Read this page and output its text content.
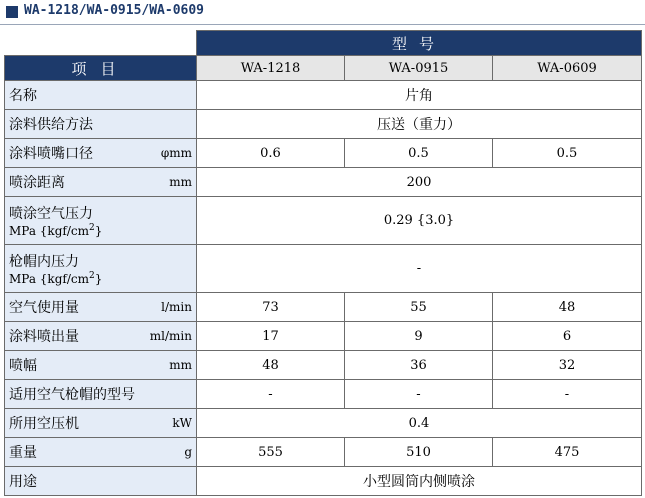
WA-1218/WA-0915/WA-0609
	型号		
项目	WA-1218	WA-0915	WA-0609

名称	片角		

涂料供给方法	压送（重力）		

涂料喷嘴口径 φmm	0.6	0.5	0.5

喷涂距离 mm	200		

喷涂空气压力
MPa $\{kgf/cm^2\}$	0.29 {3.0}		

枪帽内压力
MPa $\{kgf/cm^2\}$	-		

空气使用量 l/min	73	55	48

涂料喷出量 ml/min	17	9	6

喷幅 mm	48	36	32

适用空气枪帽的型号	-	-	-

所用空压机 kW	0.4		

重量 g	555	510	475

用途	小型圆筒内侧喷涂		
